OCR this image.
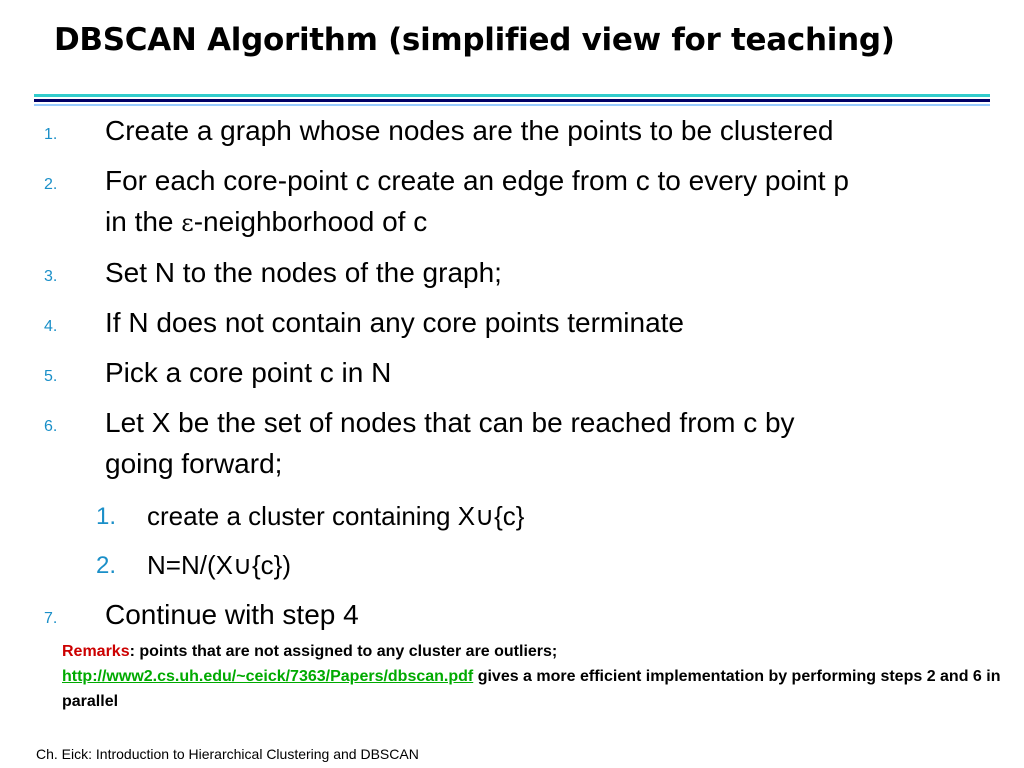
DBSCAN Algorithm (simplified view for teaching)
1. Create a graph whose nodes are the points to be clustered
2. For each core-point c create an edge from c to every point p
in the ε-neighborhood of c
3. Set N to the nodes of the graph;
4. If N does not contain any core points terminate
5. Pick a core point c in N
6. Let X be the set of nodes that can be reached from c by
going forward;
1. create a cluster containing X∪{c}
2. N=N/(X∪{c})
7. Continue with step 4
Remarks: points that are not assigned to any cluster are outliers;
http://www2.cs.uh.edu/~ceick/7363/Papers/dbscan.pdf gives a more efficient implementation by performing steps 2 and 6 in parallel
Ch. Eick: Introduction to Hierarchical Clustering and DBSCAN
